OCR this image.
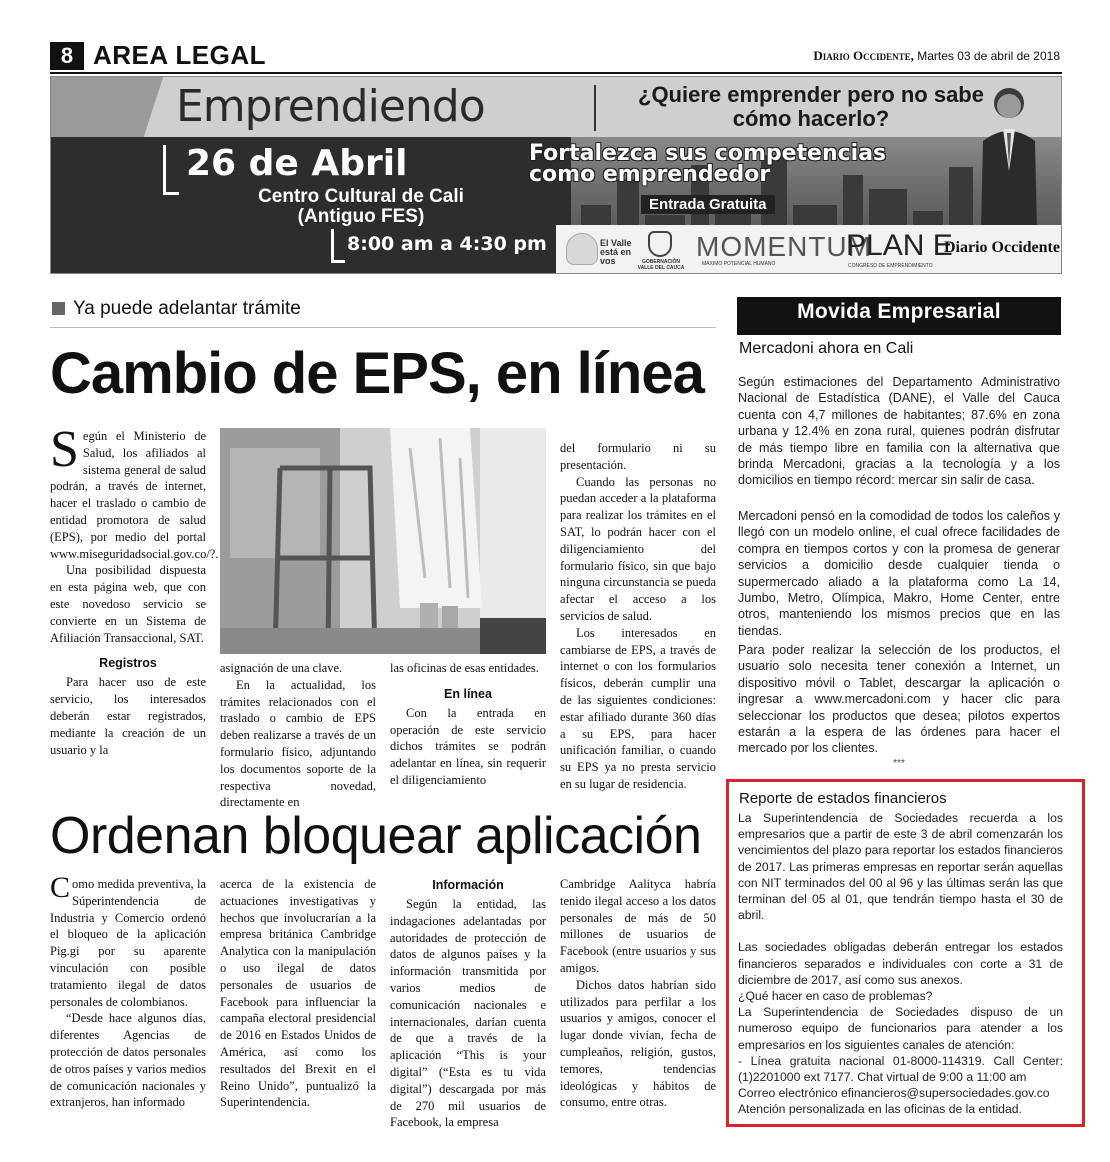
8 AREA LEGAL	Diario Occidente, Martes 03 de abril de 2018
Emprendiendo	¿Quiere emprender pero no sabe cómo hacerlo?
26 de Abril
Centro Cultural de Cali
(Antiguo FES)
8:00 am a 4:30 pm
Fortalezca sus competencias
como emprendedor
Entrada Gratuita
El Valle está en vos	GOBERNACIÓN VALLE DEL CAUCA
MOMENTUM
MÁXIMO POTENCIAL HUMANO
PLAN E
CONGRESO DE EMPRENDIMIENTO
Diario Occidente
Ya puede adelantar trámite
Cambio de EPS, en línea

Según el Ministerio de Salud, los afiliados al sistema general de salud podrán, a través de internet, hacer el traslado o cambio de entidad promotora de salud (EPS), por medio del portal www.miseguridadsocial.gov.co/?.

Una posibilidad dispuesta en esta página web, que con este novedoso servicio se convierte en un Sistema de Afiliación Transaccional, SAT.

Registros

Para hacer uso de este servicio, los interesados deberán estar registrados, mediante la creación de un usuario y la

asignación de una clave.

En la actualidad, los trámites relacionados con el traslado o cambio de EPS deben realizarse a través de un formulario físico, adjuntando los documentos soporte de la respectiva novedad, directamente en

las oficinas de esas entidades.

En línea

Con la entrada en operación de este servicio dichos trámites se podrán adelantar en línea, sin requerir el diligenciamiento

del formulario ni su presentación.

Cuando las personas no puedan acceder a la plataforma para realizar los trámites en el SAT, lo podrán hacer con el diligenciamiento del formulario físico, sin que bajo ninguna circunstancia se pueda afectar el acceso a los servicios de salud.

Los interesados en cambiarse de EPS, a través de internet o con los formularios físicos, deberán cumplir una de las siguientes condiciones: estar afiliado durante 360 días a su EPS, para hacer unificación familiar, o cuando su EPS ya no presta servicio en su lugar de residencia.

Ordenan bloquear aplicación

Como medida preventiva, la Súperintendencia de Industria y Comercio ordenó el bloqueo de la aplicación Pig.gi por su aparente vinculación con posible tratamiento ilegal de datos personales de colombianos.

“Desde hace algunos días, diferentes Agencias de protección de datos personales de otros países y varios medios de comunicación nacionales y extranjeros, han informado

acerca de la existencia de actuaciones investigativas y hechos que involucrarían a la empresa británica Cambridge Analytica con la manipulación o uso ilegal de datos personales de usuarios de Facebook para influenciar la campaña electoral presidencial de 2016 en Estados Unidos de América, así como los resultados del Brexit en el Reino Unido”, puntualizó la Superintendencia.

Información

Según la entidad, las indagaciones adelantadas por autoridades de protección de datos de algunos países y la información transmitida por varios medios de comunicación nacionales e internacionales, darían cuenta de que a través de la aplicación “This is your digital” (“Esta es tu vida digital”) descargada por más de 270 mil usuarios de Facebook, la empresa

Cambridge Aalityca habría tenido ilegal acceso a los datos personales de más de 50 millones de usuarios de Facebook (entre usuarios y sus amigos.

Dichos datos habrían sido utilizados para perfilar a los usuarios y amigos, conocer el lugar donde vivían, fecha de cumpleaños, religión, gustos, temores, tendencias ideológicas y hábitos de consumo, entre otras.

Movida Empresarial
Mercadoni ahora en Cali

Según estimaciones del Departamento Administrativo Nacional de Estadística (DANE), el Valle del Cauca cuenta con 4,7 millones de habitantes; 87.6% en zona urbana y 12.4% en zona rural, quienes podrán disfrutar de más tiempo libre en familia con la alternativa que brinda Mercadoni, gracias a la tecnología y a los domicilios en tiempo récord: mercar sin salir de casa.

Mercadoni pensó en la comodidad de todos los caleños y llegó con un modelo online, el cual ofrece facilidades de compra en tiempos cortos y con la promesa de generar servicios a domicilio desde cualquier tienda o supermercado aliado a la plataforma como La 14, Jumbo, Metro, Olímpica, Makro, Home Center, entre otros, manteniendo los mismos precios que en las tiendas.

Para poder realizar la selección de los productos, el usuario solo necesita tener conexión a Internet, un dispositivo móvil o Tablet, descargar la aplicación o ingresar a www.mercadoni.com y hacer clic para seleccionar los productos que desea; pilotos expertos estarán a la espera de las órdenes para hacer el mercado por los clientes.

***
Reporte de estados financieros

La Superintendencia de Sociedades recuerda a los empresarios que a partir de este 3 de abril comenzarán los vencimientos del plazo para reportar los estados financieros de 2017. Las primeras empresas en reportar serán aquellas con NIT terminados del 00 al 96 y las últimas serán las que terminan del 05 al 01, que tendrán tiempo hasta el 30 de abril.

Las sociedades obligadas deberán entregar los estados financieros separados e individuales con corte a 31 de diciembre de 2017, así como sus anexos.

¿Qué hacer en caso de problemas?

La Superintendencia de Sociedades dispuso de un numeroso equipo de funcionarios para atender a los empresarios en los siguientes canales de atención:

- Línea gratuita nacional 01-8000-114319. Call Center: (1)2201000 ext 7177. Chat virtual de 9:00 a 11:00 am

Correo electrónico efinancieros@supersociedades.gov.co

Atención personalizada en las oficinas de la entidad.
